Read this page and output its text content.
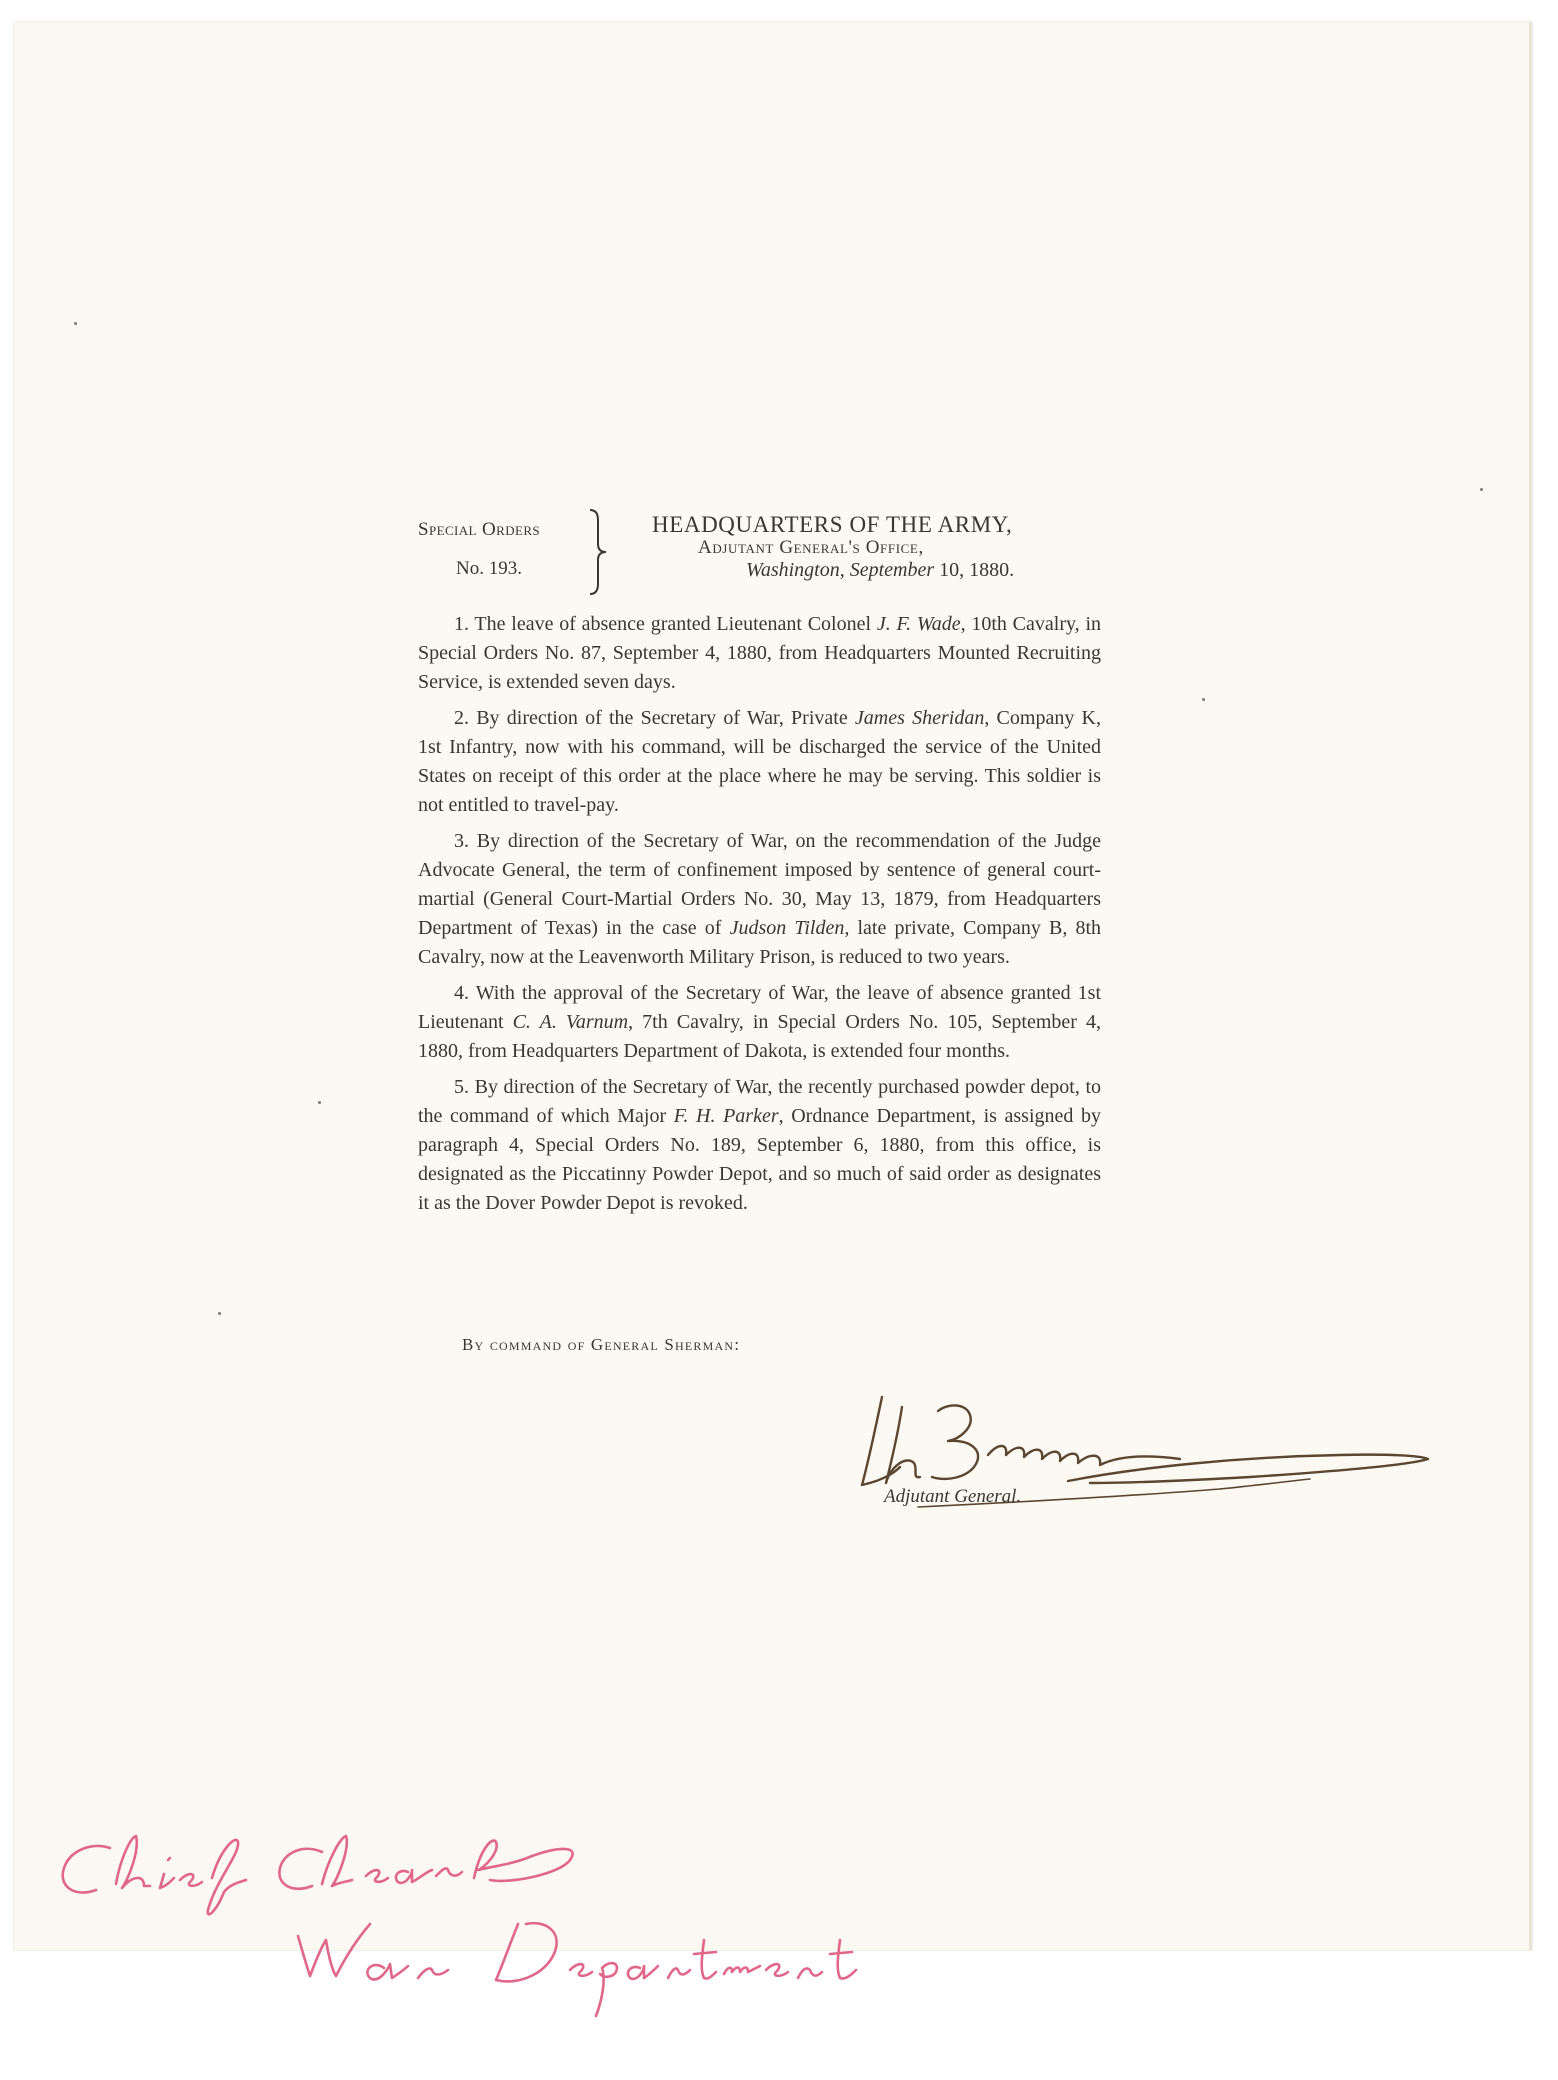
Special Orders
No. 193.
HEADQUARTERS OF THE ARMY,
Adjutant General's Office,
Washington, September 10, 1880.

1. The leave of absence granted Lieutenant Colonel J. F. Wade, 10th Cavalry, in Special Orders No. 87, September 4, 1880, from Headquarters Mounted Recruiting Service, is extended seven days.

2. By direction of the Secretary of War, Private James Sheridan, Company K, 1st Infantry, now with his command, will be discharged the service of the United States on receipt of this order at the place where he may be serving. This soldier is not entitled to travel-pay.

3. By direction of the Secretary of War, on the recommendation of the Judge Advocate General, the term of confinement imposed by sentence of general court-martial (General Court-Martial Orders No. 30, May 13, 1879, from Headquarters Department of Texas) in the case of Judson Tilden, late private, Company B, 8th Cavalry, now at the Leavenworth Military Prison, is reduced to two years.

4. With the approval of the Secretary of War, the leave of absence granted 1st Lieutenant C. A. Varnum, 7th Cavalry, in Special Orders No. 105, September 4, 1880, from Headquarters Department of Dakota, is extended four months.

5. By direction of the Secretary of War, the recently purchased powder depot, to the command of which Major F. H. Parker, Ordnance Department, is assigned by paragraph 4, Special Orders No. 189, September 6, 1880, from this office, is designated as the Piccatinny Powder Depot, and so much of said order as designates it as the Dover Powder Depot is revoked.

By command of General Sherman:
Adjutant General.
